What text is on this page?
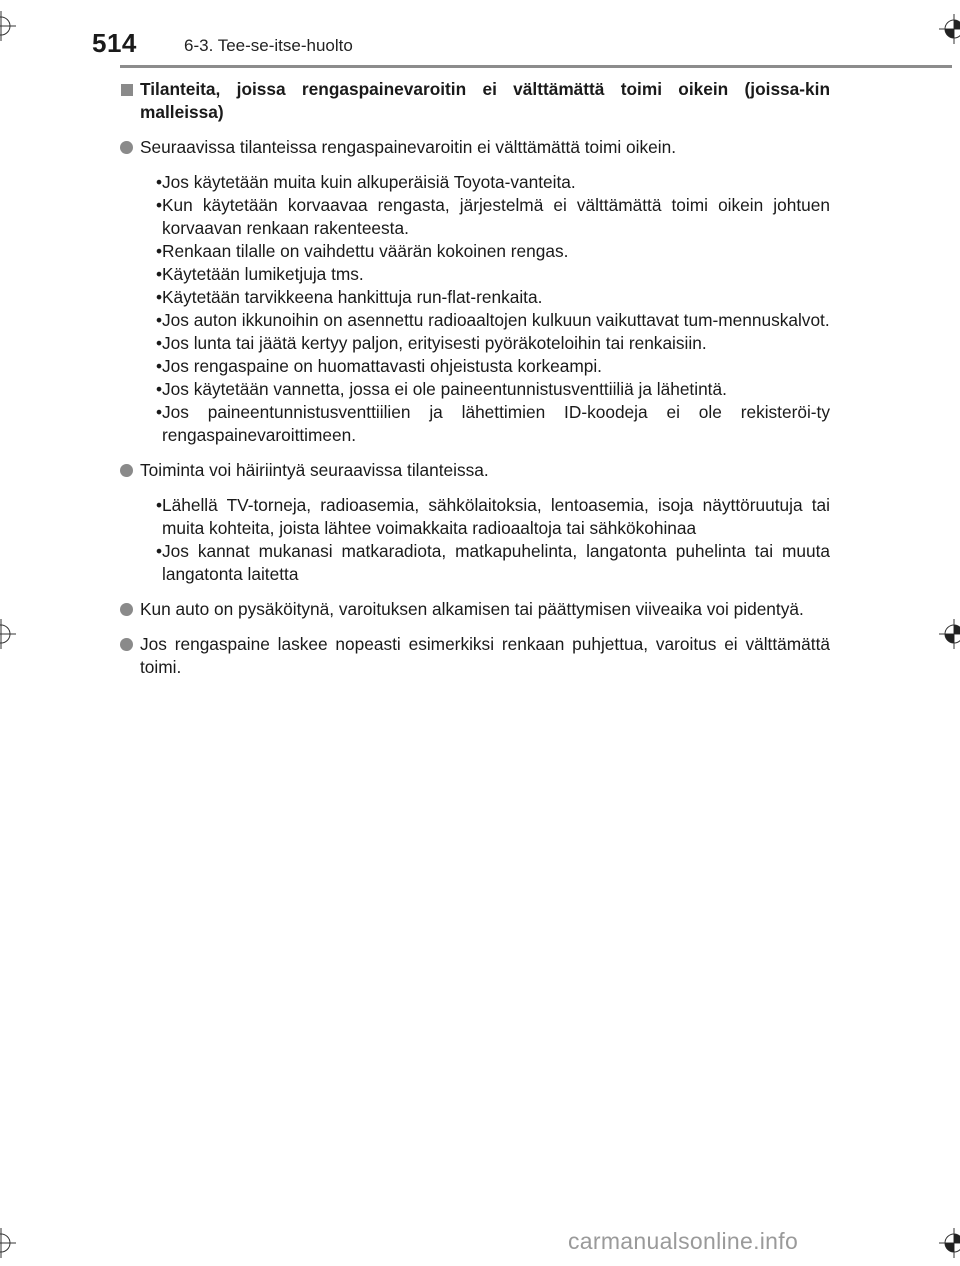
514	6-3. Tee-se-itse-huolto

Tilanteita, joissa rengaspainevaroitin ei välttämättä toimi oikein (joissa-kin malleissa)

Seuraavissa tilanteissa rengaspainevaroitin ei välttämättä toimi oikein.

• Jos käytetään muita kuin alkuperäisiä Toyota-vanteita.
• Kun käytetään korvaavaa rengasta, järjestelmä ei välttämättä toimi oikein johtuen korvaavan renkaan rakenteesta.
• Renkaan tilalle on vaihdettu väärän kokoinen rengas.
• Käytetään lumiketjuja tms.
• Käytetään tarvikkeena hankittuja run-flat-renkaita.
• Jos auton ikkunoihin on asennettu radioaaltojen kulkuun vaikuttavat tum-mennuskalvot.
• Jos lunta tai jäätä kertyy paljon, erityisesti pyöräkoteloihin tai renkaisiin.
• Jos rengaspaine on huomattavasti ohjeistusta korkeampi.
• Jos käytetään vannetta, jossa ei ole paineentunnistusventtiiliä ja lähetintä.
• Jos paineentunnistusventtiilien ja lähettimien ID-koodeja ei ole rekisteröi-ty rengaspainevaroittimeen.

Toiminta voi häiriintyä seuraavissa tilanteissa.

• Lähellä TV-torneja, radioasemia, sähkölaitoksia, lentoasemia, isoja näyttöruutuja tai muita kohteita, joista lähtee voimakkaita radioaaltoja tai sähkökohinaa
• Jos kannat mukanasi matkaradiota, matkapuhelinta, langatonta puhelinta tai muuta langatonta laitetta

Kun auto on pysäköitynä, varoituksen alkamisen tai päättymisen viiveaika voi pidentyä.

Jos rengaspaine laskee nopeasti esimerkiksi renkaan puhjettua, varoitus ei välttämättä toimi.

carmanualsonline.info
